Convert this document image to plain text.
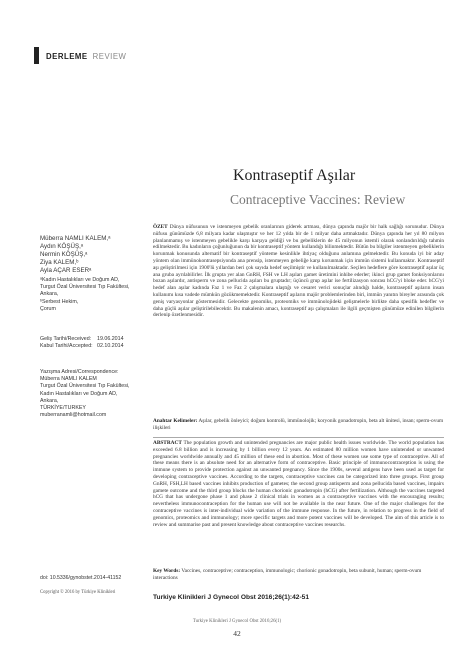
DERLEME REVIEW
Kontraseptif Aşılar
Contraceptive Vaccines: Review
Müberra NAMLI KALEM,ᵃ
Aydın KÖŞÜŞ,ᵃ
Nermin KÖŞÜŞ,ᵃ
Ziya KALEM,ᵇ
Ayla AÇAR ESERᵃ
ᵃKadın Hastalıkları ve Doğum AD,
Turgut Özal Üniversitesi Tıp Fakültesi,
Ankara,
ᵇSerbest Hekim,
Çorum
Geliş Tarihi/Received:    19.06.2014
Kabul Tarihi/Accepted:   02.10.2014
Yazışma Adresi/Correspondence:
Müberra NAMLI KALEM
Turgut Özal Üniversitesi Tıp Fakültesi,
Kadın Hastalıkları ve Doğum AD,
Ankara,
TÜRKİYE/TURKEY
muberranamli@hotmail.com
doi: 10.5336/gynobstet.2014-41152
Copyright © 2016 by Türkiye Klinikleri
ÖZET Dünya nüfusunun ve istenmeyen gebelik oranlarının giderek artması, dünya çapında majör bir halk sağlığı sorunudur. Dünya nüfusu günümüzde 6,8 milyara kadar ulaşmıştır ve her 12 yılda bir de 1 milyar daha artmaktadır. Dünya çapında her yıl 80 milyon planlanmamış ve istenmeyen gebelikle karşı karşıya geldiği ve bu gebeliklerin de 45 milyonun istemli olarak sonlandırıldığı tahmin edilmektedir. Bu kadınların çoğunluğunun da bir kontraseptif yöntem kullandığı bilinmektedir. Bütün bu bilgiler istenmeyen gebeliklerin korunmak konusunda alternatif bir kontraseptif yönteme kesinlikle ihtiyaç olduğunu anlamına gelmektedir. Bu konuda iyi bir aday yöntem olan immünokontrasepsiyonda ana prensip, istenmeyen gebeliğe karşı korunmak için immün sistemi kullanmaktır. Kontraseptif aşı geliştirilmesi için 1900'lü yıllardan beri çok sayıda hedef seçilmiştir ve kullanılmaktadır. Seçilen hedeflere göre kontraseptif aşılar üç ana gruba ayrılabilirler. İlk grupta yer alan GnRH, FSH ve LH aşıları gamet üretimini inhibe ederler; ikinci grup gamet fonksiyonlarını bozan aşılardır, antisperm ve zona pellucida aşıları bu gruptadır; üçüncü grup aşılar ise fertilizasyon sonrası hCG'yi bloke eder. hCG'yi hedef alan aşılar kadında Faz 1 ve Faz 2 çalışmalara ulaştığı ve cesaret verici sonuçlar alındığı halde, kontraseptif aşıların insan kullanımı kısa vadede mümkün gözükmemektedir. Kontraseptif aşıların majör problemlerinden biri, immün yanıtın bireyler arasında çok geniş varyasyonlar göstermesidir. Gelecekte genomiks, proteomiks ve immünolojideki gelişmelerle birlikte daha spesifik hedefler ve daha güçlü aşılar geliştirilebilecektir. Bu makalenin amacı, kontraseptif aşı çalışmaları ile ilgili geçmişten günümüze edinilen bilgilerin derlenip özetlenmesidir.
Anahtar Kelimeler: Aşılar, gebelik önleyici; doğum kontrolü, immünolojik; koryonik gonadotropin, beta alt ünitesi, insan; sperm-ovum ilişkileri
ABSTRACT The population growth and unintended pregnancies are major public health issues worldwide. The world population has exceeded 6.8 billion and is increasing by 1 billion every 12 years. An estimated 80 million women have unintended or unwanted pregnancies worldwide annually and 45 million of these end in abortion. Most of these women use some type of contraceptive. All of these means there is an absolute need for an alternative form of contraceptive. Basic principle of immunocontraception is using the immune system to provide protection against an unwanted pregnancy. Since the 1900s, several antigens have been used as target for developing contraceptive vaccines. According to the targets, contraceptive vaccines can be categorized into three groups. First group GnRH, FSH,LH based vaccines inhibits production of gametes; the second group antisperm and zona pellucida based vaccines, impairs gamete outcome and the third group blocks the human chorionic gonadotropin (hCG) after fertilization. Although the vaccines targeted hCG that has undergone phase 1 and phase 2 clinical trials in women as a contraceptive vaccines with the encouraging results; nevertheless immunocontraception for the human use will not be available in the near future. One of the major challenges for the contraceptive vaccines is inter-individual wide variation of the immune response. In the future, in relation to progress in the field of genomics, proteomics and immunology; more specific targets and more potent vaccines will be developed. The aim of this article is to review and summarise past and present knowledge about contraceptive vaccines researchs.
Key Words: Vaccines, contraceptive; contraception, immunologic; chorionic gonadotropin, beta subunit, human; sperm-ovum interactions
Turkiye Klinikleri J Gynecol Obst 2016;26(1):42-51
Turkiye Klinikleri J Gynecol Obst 2016;26(1)
42
